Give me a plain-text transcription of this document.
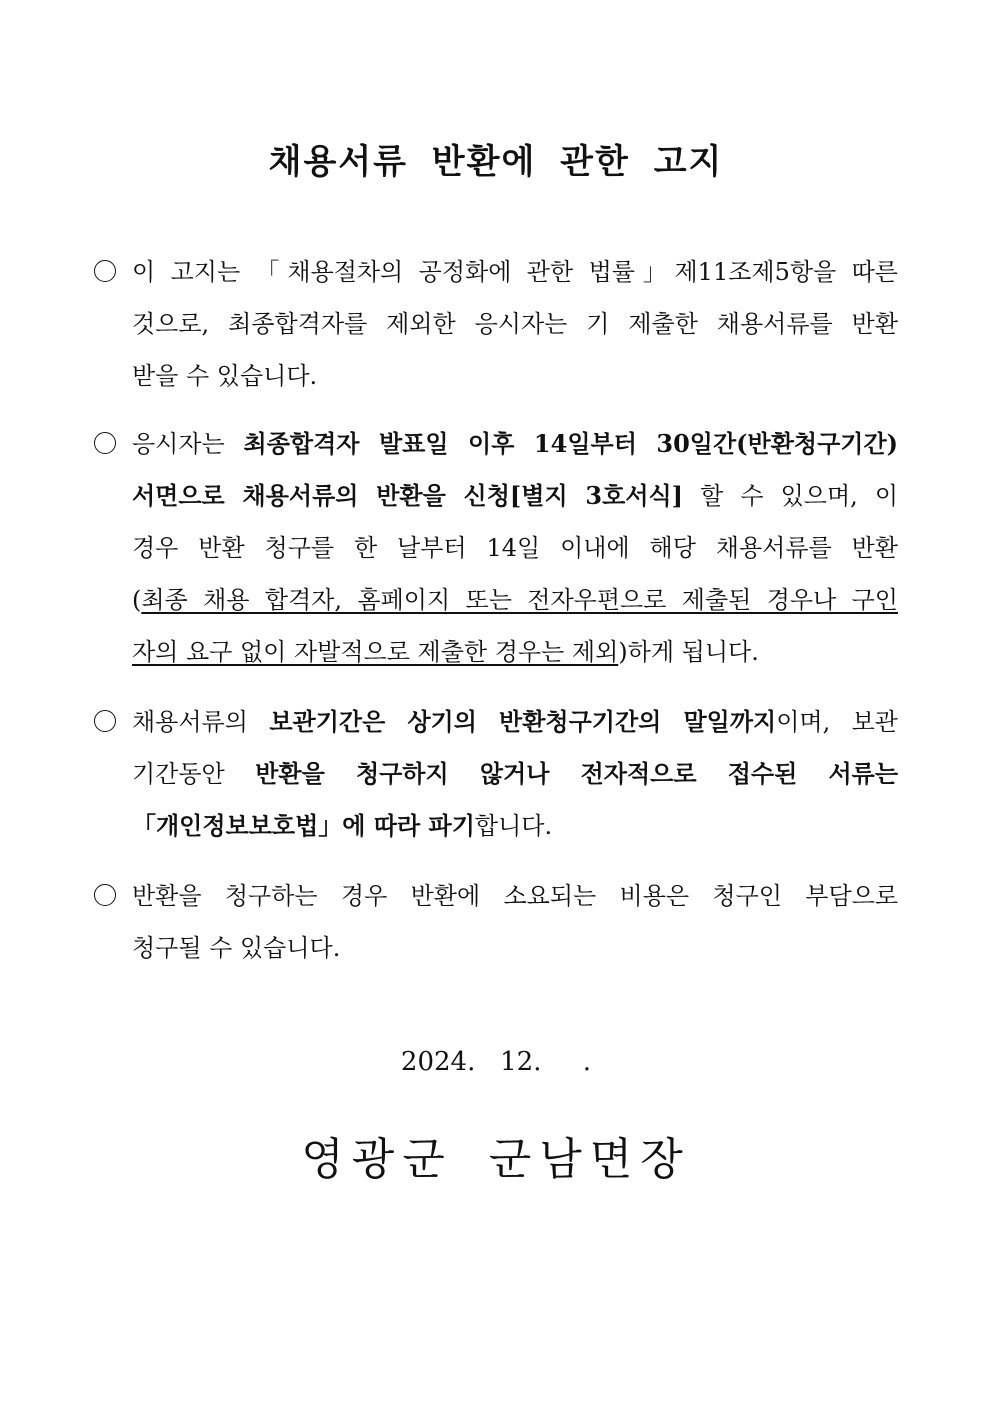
채용서류 반환에 관한 고지
이 고지는 「채용절차의 공정화에 관한 법률」제11조제5항을 따른
것으로, 최종합격자를 제외한 응시자는 기 제출한 채용서류를 반환
받을 수 있습니다.
응시자는 최종합격자 발표일 이후 14일부터 30일간(반환청구기간)
서면으로 채용서류의 반환을 신청[별지 3호서식] 할 수 있으며, 이
경우 반환 청구를 한 날부터 14일 이내에 해당 채용서류를 반환
(최종 채용 합격자, 홈페이지 또는 전자우편으로 제출된 경우나 구인
자의 요구 없이 자발적으로 제출한 경우는 제외)하게 됩니다.
채용서류의 보관기간은 상기의 반환청구기간의 말일까지이며, 보관
기간동안 반환을 청구하지 않거나 전자적으로 접수된 서류는
「개인정보보호법」에 따라 파기합니다.
반환을 청구하는 경우 반환에 소요되는 비용은 청구인 부담으로
청구될 수 있습니다.
2024.   12.     .
영광군 군남면장
